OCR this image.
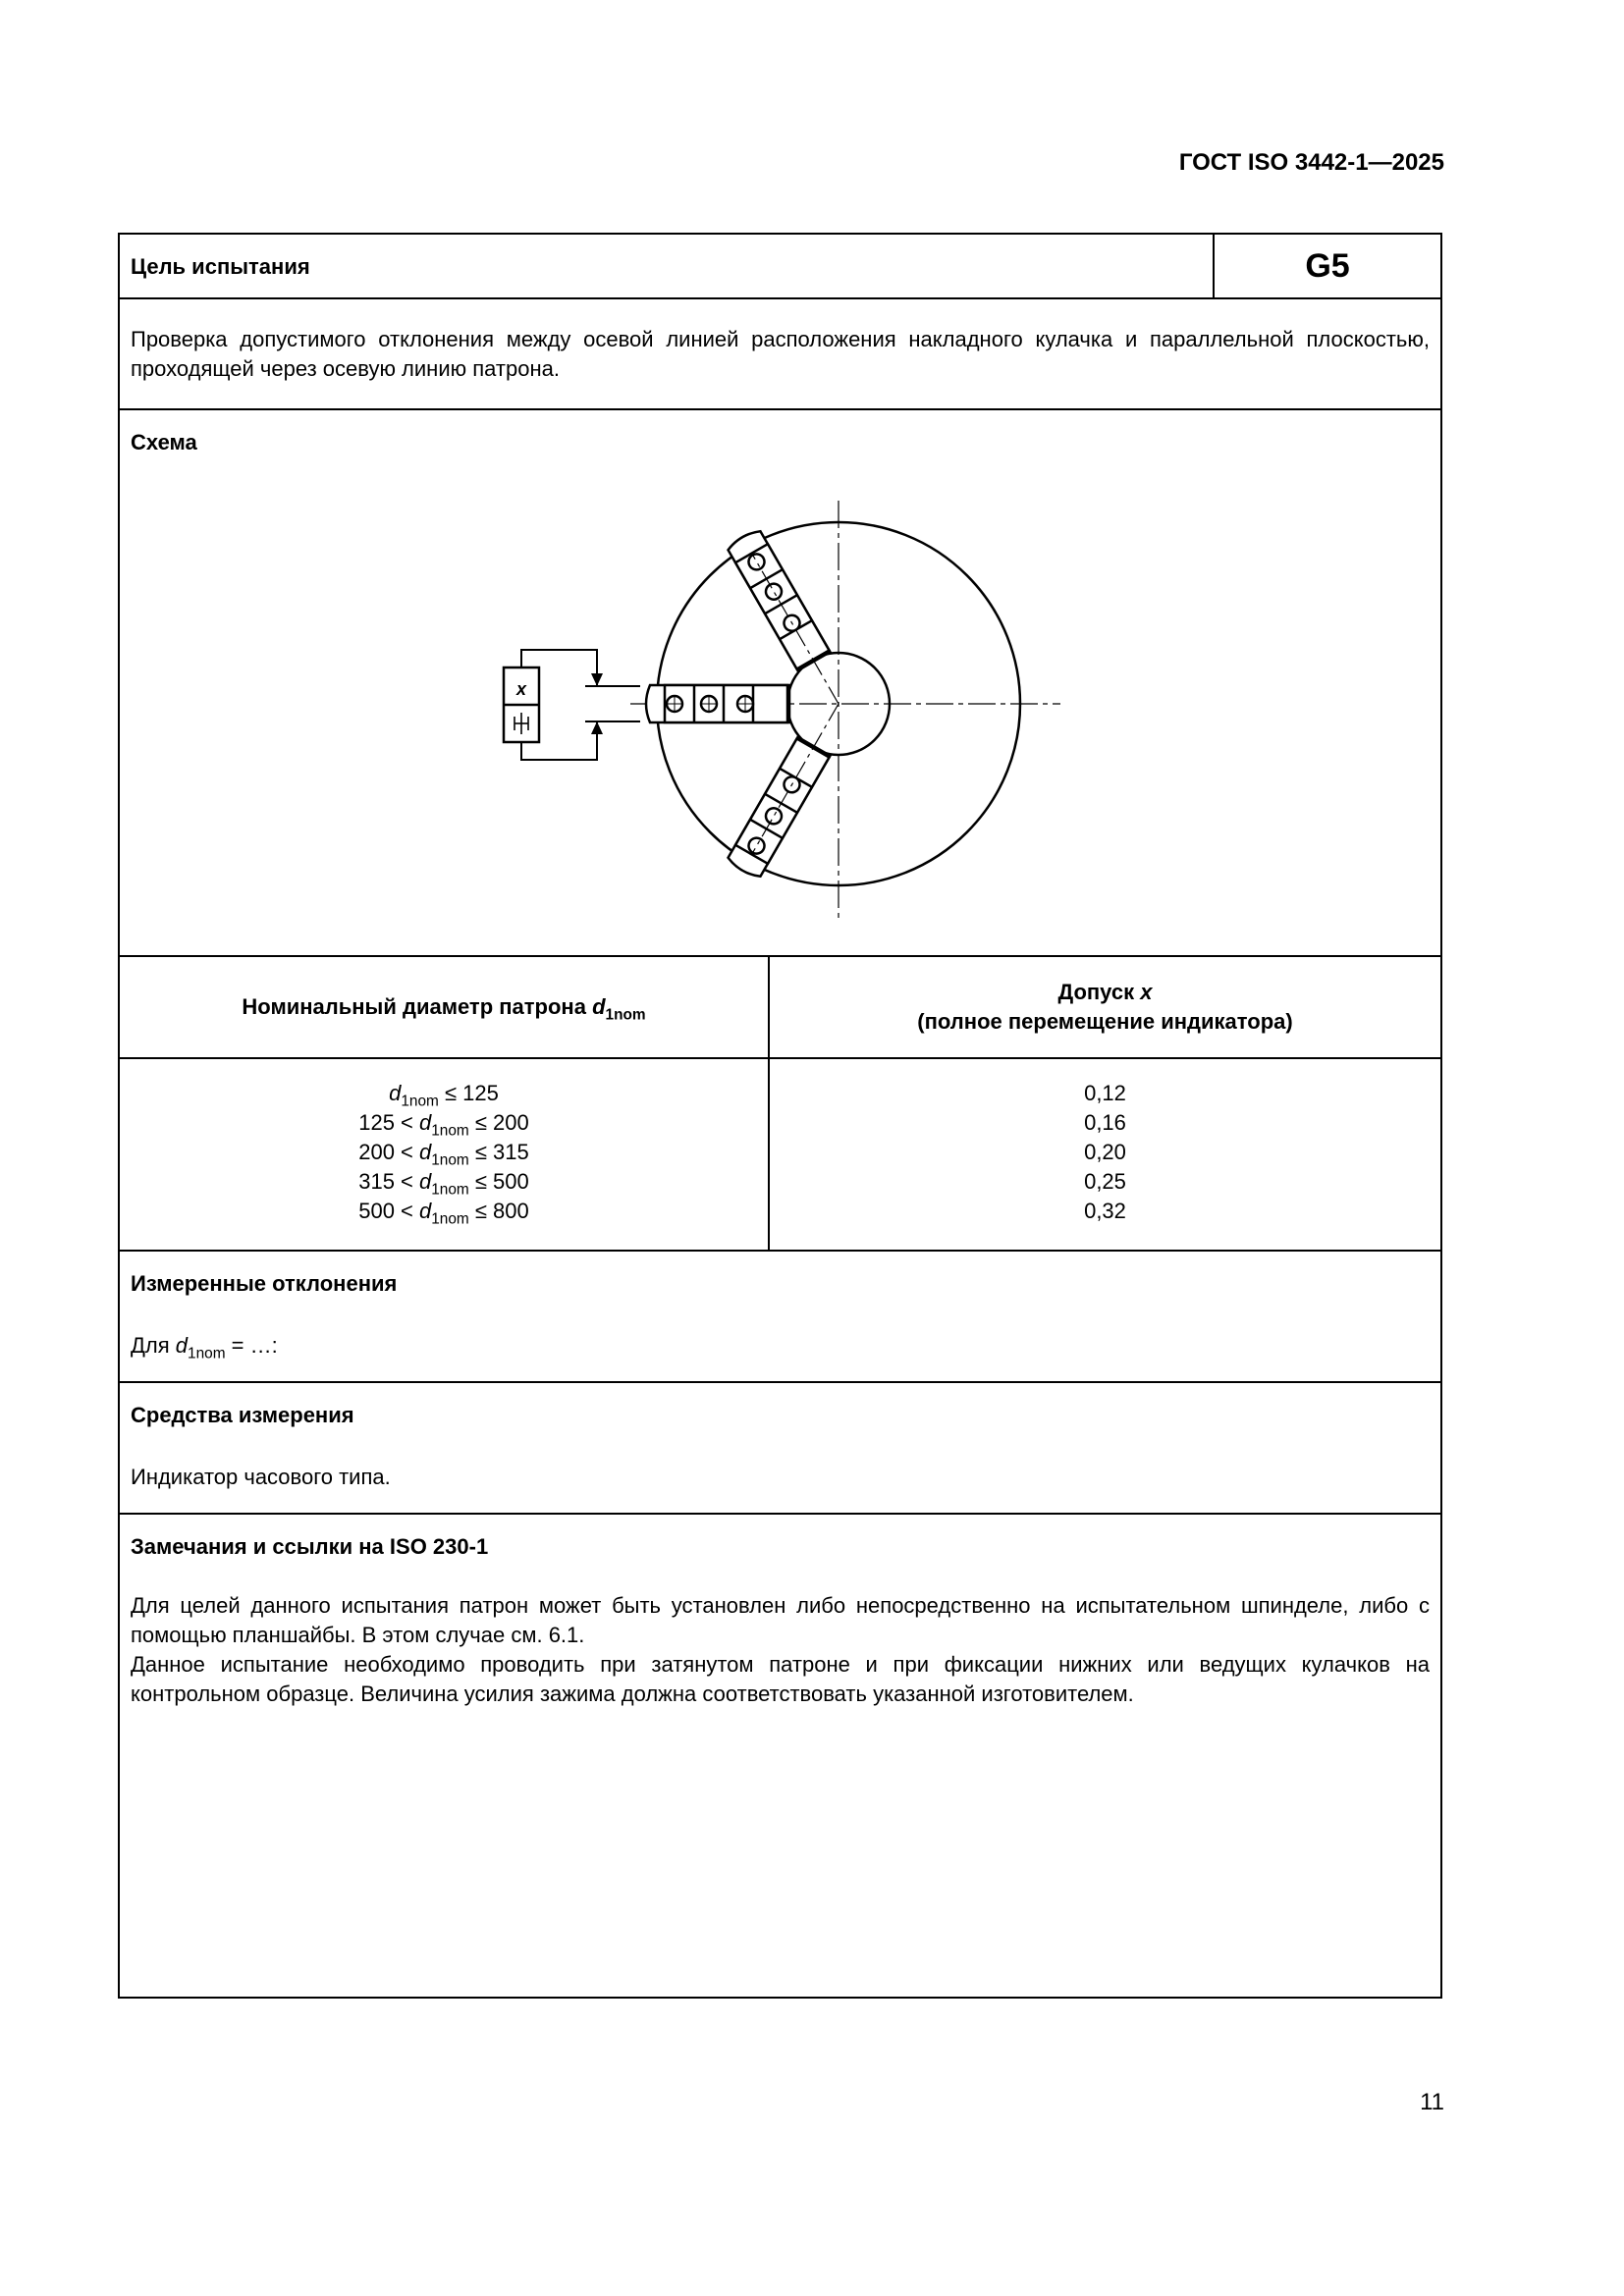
ГОСТ ISO 3442-1—2025
Цель испытания	G5
Проверка допустимого отклонения между осевой линией расположения накладного кулачка и параллельной плоскостью, проходящей через осевую линию патрона.
Схема
x
Номинальный диаметр патрона $d_{1nom}$
Допуск x
(полное перемещение индикатора)
$d_{1nom} \le 125$
$125 < d_{1nom} \le 200$
$200 < d_{1nom} \le 315$
$315 < d_{1nom} \le 500$
$500 < d_{1nom} \le 800$
0,12
0,16
0,20
0,25
0,32
Измеренные отклонения
Для $d_{1nom}$ = …:
Средства измерения
Индикатор часового типа.
Замечания и ссылки на ISO 230-1

Для целей данного испытания патрон может быть установлен либо непосредственно на испытательном шпинделе, либо с помощью планшайбы. В этом случае см. 6.1.

Данное испытание необходимо проводить при затянутом патроне и при фиксации нижних или ведущих кулачков на контрольном образце. Величина усилия зажима должна соответствовать указанной изготовителем.

11
